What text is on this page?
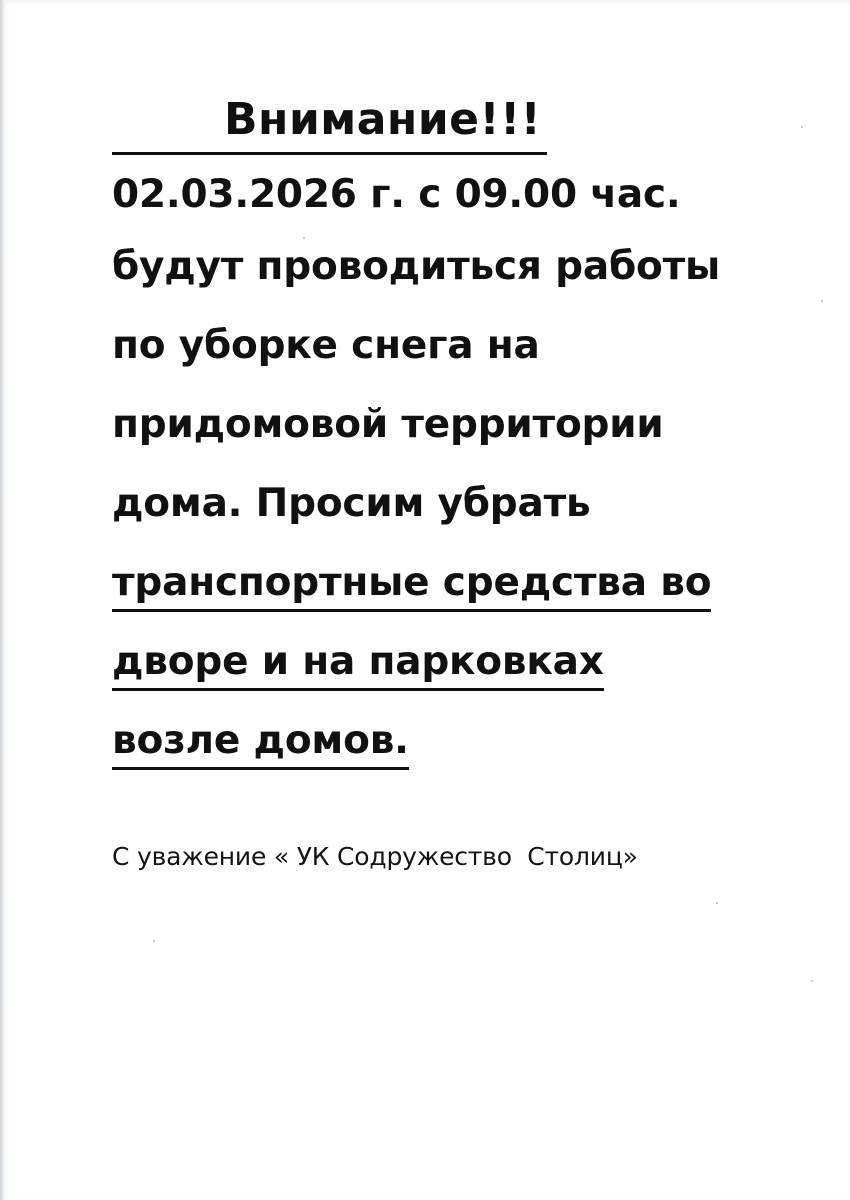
Внимание!!!
02.03.2026 г. с 09.00 час.
будут проводиться работы
по уборке снега на
придомовой территории
дома. Просим убрать
транспортные средства во
дворе и на парковках
возле домов.
С уважение « УК Содружество  Столиц»
